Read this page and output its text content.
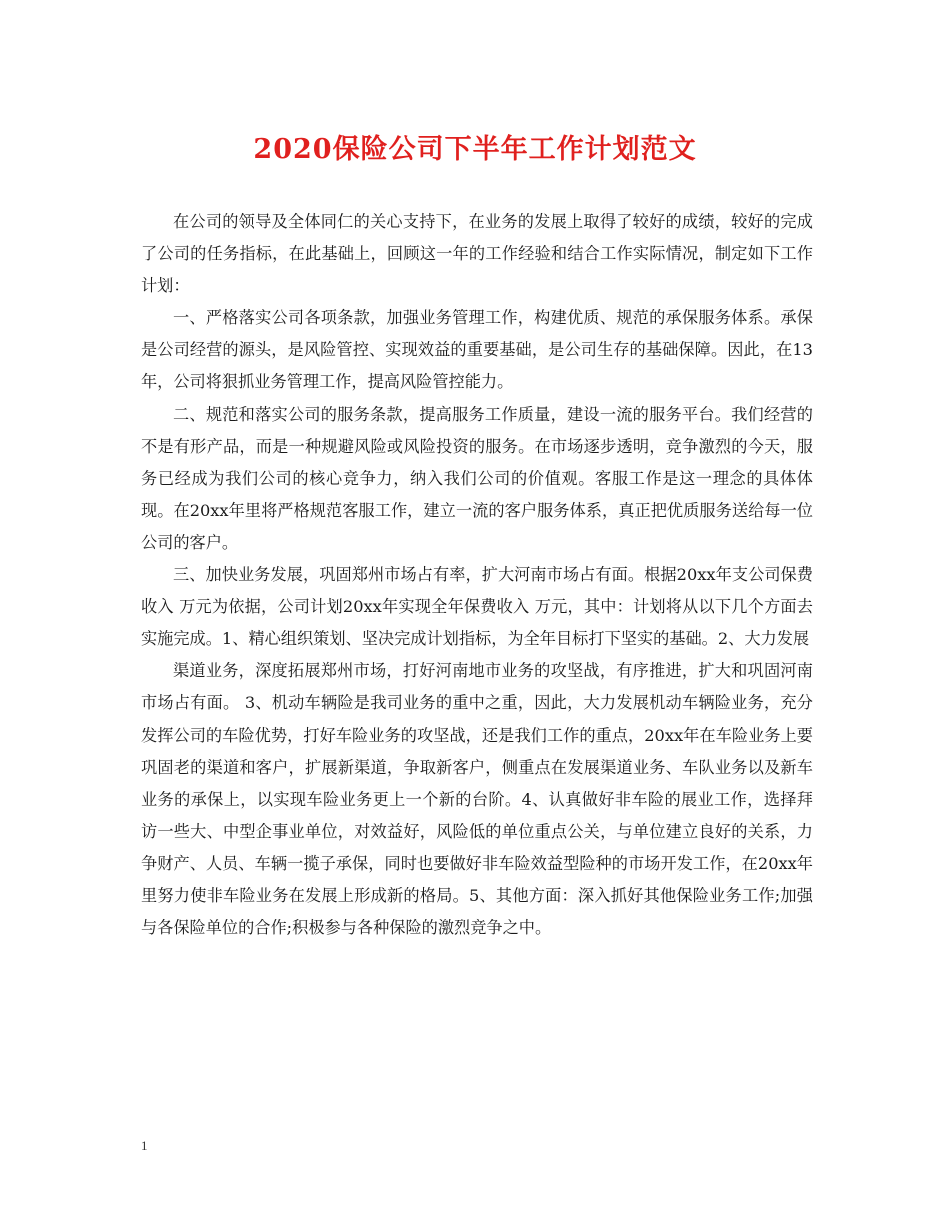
2020保险公司下半年工作计划范文

在公司的领导及全体同仁的关心支持下，在业务的发展上取得了较好的成绩，较好的完成了公司的任务指标，在此基础上，回顾这一年的工作经验和结合工作实际情况，制定如下工作计划：

一、严格落实公司各项条款，加强业务管理工作，构建优质、规范的承保服务体系。承保是公司经营的源头，是风险管控、实现效益的重要基础，是公司生存的基础保障。因此，在13年，公司将狠抓业务管理工作，提高风险管控能力。

二、规范和落实公司的服务条款，提高服务工作质量，建设一流的服务平台。我们经营的不是有形产品，而是一种规避风险或风险投资的服务。在市场逐步透明，竞争激烈的今天，服务已经成为我们公司的核心竞争力，纳入我们公司的价值观。客服工作是这一理念的具体体现。在20xx年里将严格规范客服工作，建立一流的客户服务体系，真正把优质服务送给每一位公司的客户。

三、加快业务发展，巩固郑州市场占有率，扩大河南市场占有面。根据20xx年支公司保费收入 万元为依据，公司计划20xx年实现全年保费收入 万元，其中：计划将从以下几个方面去实施完成。1、精心组织策划、坚决完成计划指标，为全年目标打下坚实的基础。2、大力发展

渠道业务，深度拓展郑州市场，打好河南地市业务的攻坚战，有序推进，扩大和巩固河南市场占有面。 3、机动车辆险是我司业务的重中之重，因此，大力发展机动车辆险业务，充分发挥公司的车险优势，打好车险业务的攻坚战，还是我们工作的重点，20xx年在车险业务上要巩固老的渠道和客户，扩展新渠道，争取新客户，侧重点在发展渠道业务、车队业务以及新车业务的承保上，以实现车险业务更上一个新的台阶。4、认真做好非车险的展业工作，选择拜访一些大、中型企事业单位，对效益好，风险低的单位重点公关，与单位建立良好的关系，力争财产、人员、车辆一揽子承保，同时也要做好非车险效益型险种的市场开发工作，在20xx年里努力使非车险业务在发展上形成新的格局。5、其他方面：深入抓好其他保险业务工作;加强与各保险单位的合作;积极参与各种保险的激烈竞争之中。

1
